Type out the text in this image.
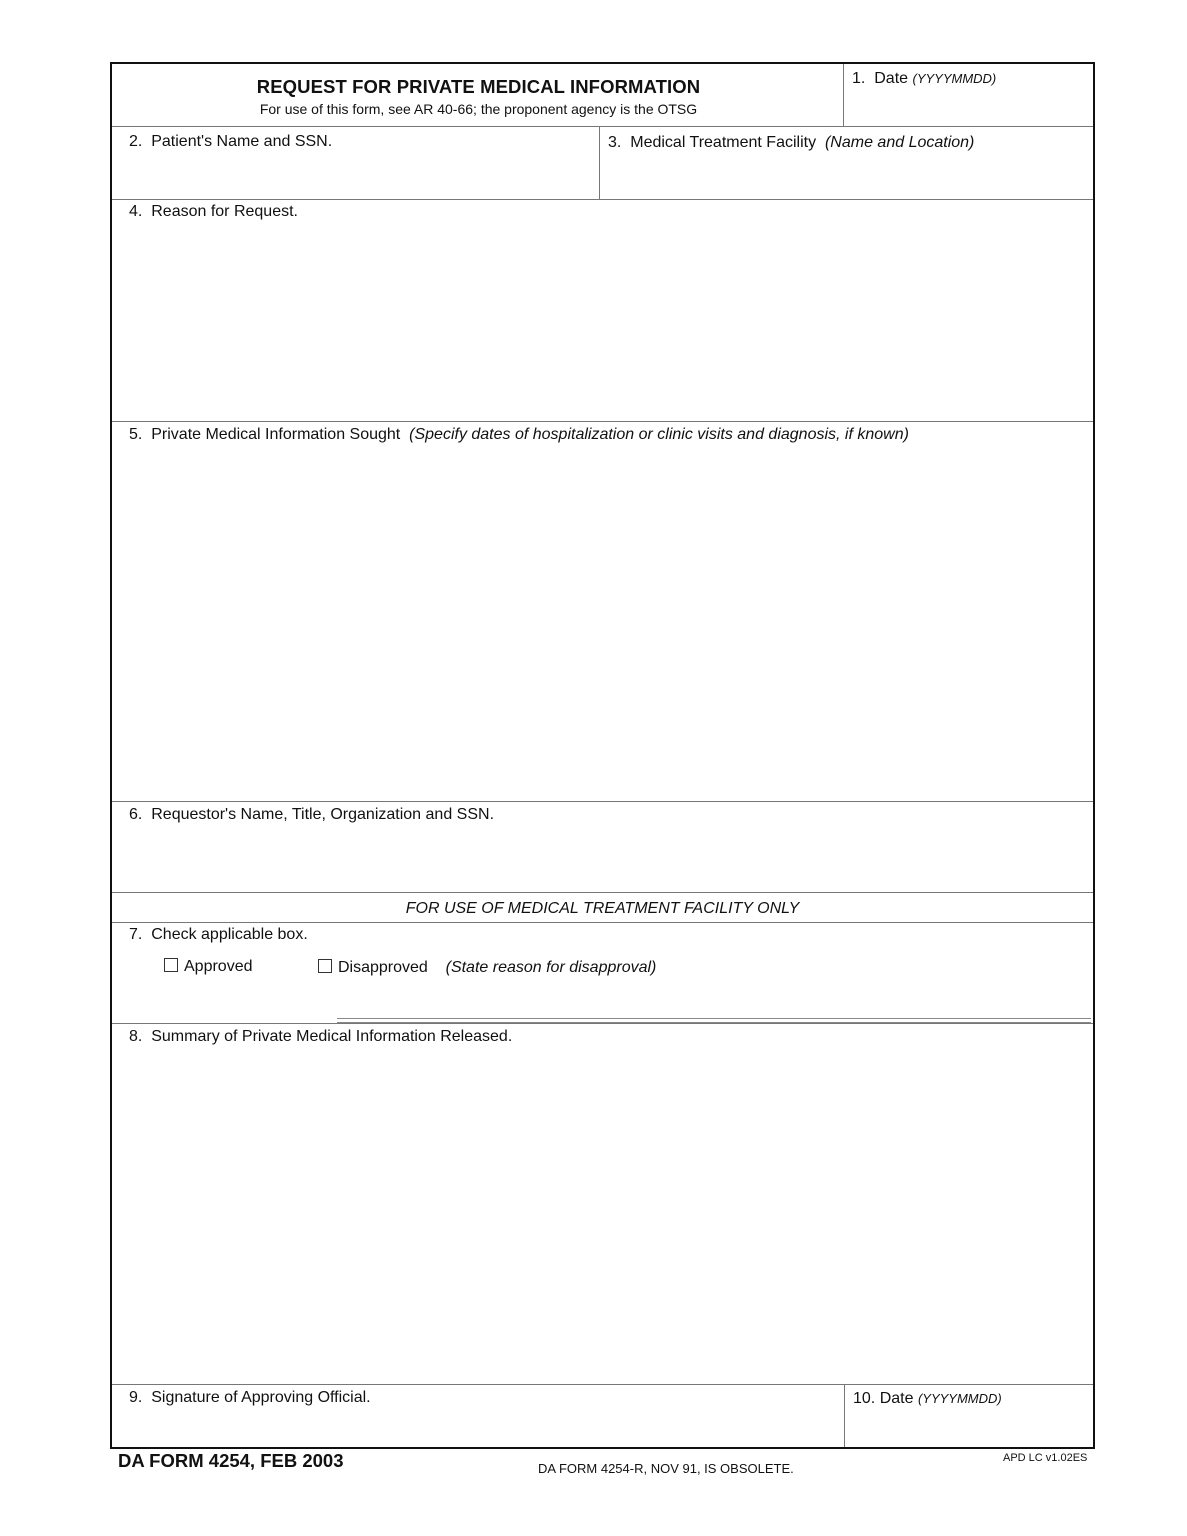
REQUEST FOR PRIVATE MEDICAL INFORMATION
For use of this form, see AR 40-66; the proponent agency is the OTSG
1. Date (YYYYMMDD)
2. Patient's Name and SSN.	3. Medical Treatment Facility (Name and Location)
4. Reason for Request.
5. Private Medical Information Sought (Specify dates of hospitalization or clinic visits and diagnosis, if known)
6. Requestor's Name, Title, Organization and SSN.
FOR USE OF MEDICAL TREATMENT FACILITY ONLY
7. Check applicable box.
Approved	Disapproved (State reason for disapproval)
8. Summary of Private Medical Information Released.
9. Signature of Approving Official.	10. Date (YYYYMMDD)
DA FORM 4254, FEB 2003	DA FORM 4254-R, NOV 91, IS OBSOLETE.
APD LC v1.02ES
